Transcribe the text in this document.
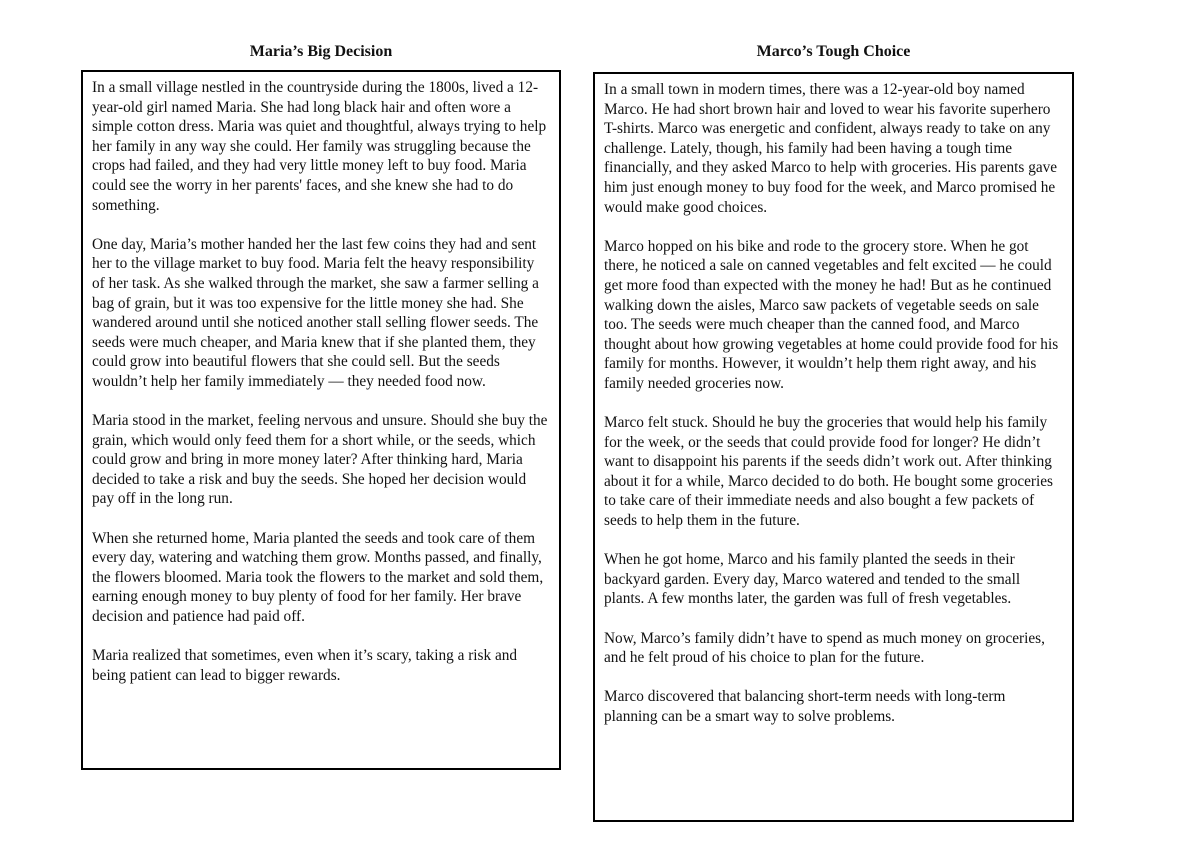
Maria’s Big Decision

In a small village nestled in the countryside during the 1800s, lived a 12-year-old girl named Maria. She had long black hair and often wore a simple cotton dress. Maria was quiet and thoughtful, always trying to help her family in any way she could. Her family was struggling because the crops had failed, and they had very little money left to buy food. Maria could see the worry in her parents' faces, and she knew she had to do something.

One day, Maria’s mother handed her the last few coins they had and sent her to the village market to buy food. Maria felt the heavy responsibility of her task. As she walked through the market, she saw a farmer selling a bag of grain, but it was too expensive for the little money she had. She wandered around until she noticed another stall selling flower seeds. The seeds were much cheaper, and Maria knew that if she planted them, they could grow into beautiful flowers that she could sell. But the seeds wouldn’t help her family immediately — they needed food now.

Maria stood in the market, feeling nervous and unsure. Should she buy the grain, which would only feed them for a short while, or the seeds, which could grow and bring in more money later? After thinking hard, Maria decided to take a risk and buy the seeds. She hoped her decision would pay off in the long run.

When she returned home, Maria planted the seeds and took care of them every day, watering and watching them grow. Months passed, and finally, the flowers bloomed. Maria took the flowers to the market and sold them, earning enough money to buy plenty of food for her family. Her brave decision and patience had paid off.

Maria realized that sometimes, even when it’s scary, taking a risk and being patient can lead to bigger rewards.

Marco’s Tough Choice

In a small town in modern times, there was a 12-year-old boy named Marco. He had short brown hair and loved to wear his favorite superhero T-shirts. Marco was energetic and confident, always ready to take on any challenge. Lately, though, his family had been having a tough time financially, and they asked Marco to help with groceries. His parents gave him just enough money to buy food for the week, and Marco promised he would make good choices.

Marco hopped on his bike and rode to the grocery store. When he got there, he noticed a sale on canned vegetables and felt excited — he could get more food than expected with the money he had! But as he continued walking down the aisles, Marco saw packets of vegetable seeds on sale too. The seeds were much cheaper than the canned food, and Marco thought about how growing vegetables at home could provide food for his family for months. However, it wouldn’t help them right away, and his family needed groceries now.

Marco felt stuck. Should he buy the groceries that would help his family for the week, or the seeds that could provide food for longer? He didn’t want to disappoint his parents if the seeds didn’t work out. After thinking about it for a while, Marco decided to do both. He bought some groceries to take care of their immediate needs and also bought a few packets of seeds to help them in the future.

When he got home, Marco and his family planted the seeds in their backyard garden. Every day, Marco watered and tended to the small plants. A few months later, the garden was full of fresh vegetables.

Now, Marco’s family didn’t have to spend as much money on groceries, and he felt proud of his choice to plan for the future.

Marco discovered that balancing short-term needs with long-term planning can be a smart way to solve problems.
